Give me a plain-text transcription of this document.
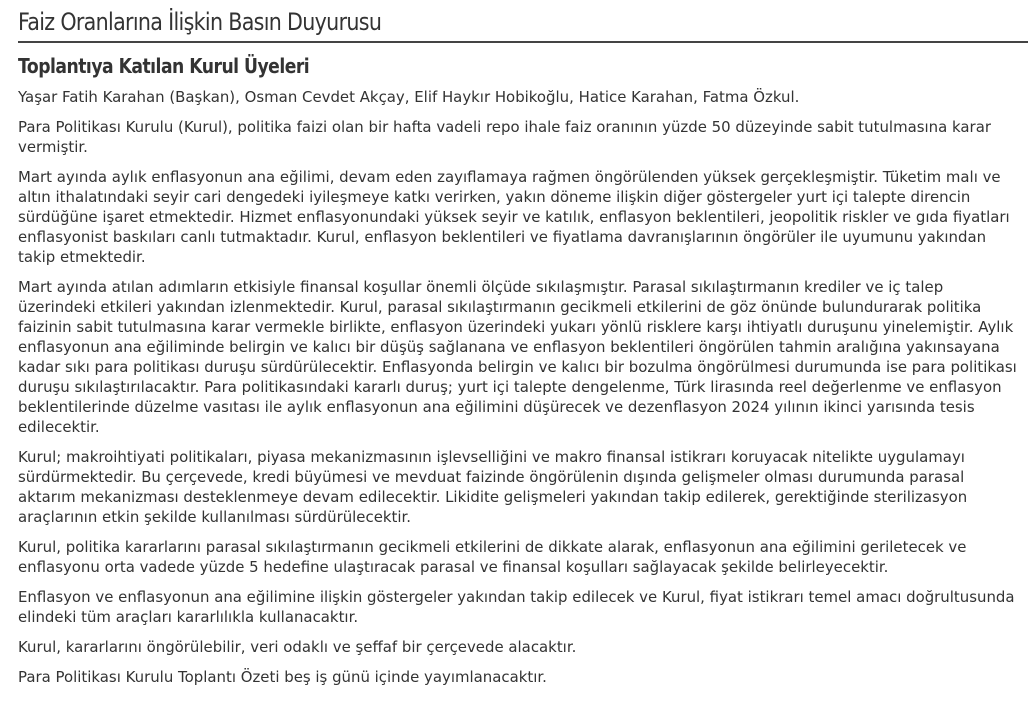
Faiz Oranlarına İlişkin Basın Duyurusu
Toplantıya Katılan Kurul Üyeleri

Yaşar Fatih Karahan (Başkan), Osman Cevdet Akçay, Elif Haykır Hobikoğlu, Hatice Karahan, Fatma Özkul.

Para Politikası Kurulu (Kurul), politika faizi olan bir hafta vadeli repo ihale faiz oranının yüzde 50 düzeyinde sabit tutulmasına karar vermiştir.

Mart ayında aylık enflasyonun ana eğilimi, devam eden zayıflamaya rağmen öngörülenden yüksek gerçekleşmiştir. Tüketim malı ve altın ithalatındaki seyir cari dengedeki iyileşmeye katkı verirken, yakın döneme ilişkin diğer göstergeler yurt içi talepte direncin sürdüğüne işaret etmektedir. Hizmet enflasyonundaki yüksek seyir ve katılık, enflasyon beklentileri, jeopolitik riskler ve gıda fiyatları enflasyonist baskıları canlı tutmaktadır. Kurul, enflasyon beklentileri ve fiyatlama davranışlarının öngörüler ile uyumunu yakından takip etmektedir.

Mart ayında atılan adımların etkisiyle finansal koşullar önemli ölçüde sıkılaşmıştır. Parasal sıkılaştırmanın krediler ve iç talep üzerindeki etkileri yakından izlenmektedir. Kurul, parasal sıkılaştırmanın gecikmeli etkilerini de göz önünde bulundurarak politika faizinin sabit tutulmasına karar vermekle birlikte, enflasyon üzerindeki yukarı yönlü risklere karşı ihtiyatlı duruşunu yinelemiştir. Aylık enflasyonun ana eğiliminde belirgin ve kalıcı bir düşüş sağlanana ve enflasyon beklentileri öngörülen tahmin aralığına yakınsayana kadar sıkı para politikası duruşu sürdürülecektir. Enflasyonda belirgin ve kalıcı bir bozulma öngörülmesi durumunda ise para politikası duruşu sıkılaştırılacaktır. Para politikasındaki kararlı duruş; yurt içi talepte dengelenme, Türk lirasında reel değerlenme ve enflasyon beklentilerinde düzelme vasıtası ile aylık enflasyonun ana eğilimini düşürecek ve dezenflasyon 2024 yılının ikinci yarısında tesis edilecektir.

Kurul; makroihtiyati politikaları, piyasa mekanizmasının işlevselliğini ve makro finansal istikrarı koruyacak nitelikte uygulamayı sürdürmektedir. Bu çerçevede, kredi büyümesi ve mevduat faizinde öngörülenin dışında gelişmeler olması durumunda parasal aktarım mekanizması desteklenmeye devam edilecektir. Likidite gelişmeleri yakından takip edilerek, gerektiğinde sterilizasyon araçlarının etkin şekilde kullanılması sürdürülecektir.

Kurul, politika kararlarını parasal sıkılaştırmanın gecikmeli etkilerini de dikkate alarak, enflasyonun ana eğilimini geriletecek ve enflasyonu orta vadede yüzde 5 hedefine ulaştıracak parasal ve finansal koşulları sağlayacak şekilde belirleyecektir.

Enflasyon ve enflasyonun ana eğilimine ilişkin göstergeler yakından takip edilecek ve Kurul, fiyat istikrarı temel amacı doğrultusunda elindeki tüm araçları kararlılıkla kullanacaktır.

Kurul, kararlarını öngörülebilir, veri odaklı ve şeffaf bir çerçevede alacaktır.

Para Politikası Kurulu Toplantı Özeti beş iş günü içinde yayımlanacaktır.
